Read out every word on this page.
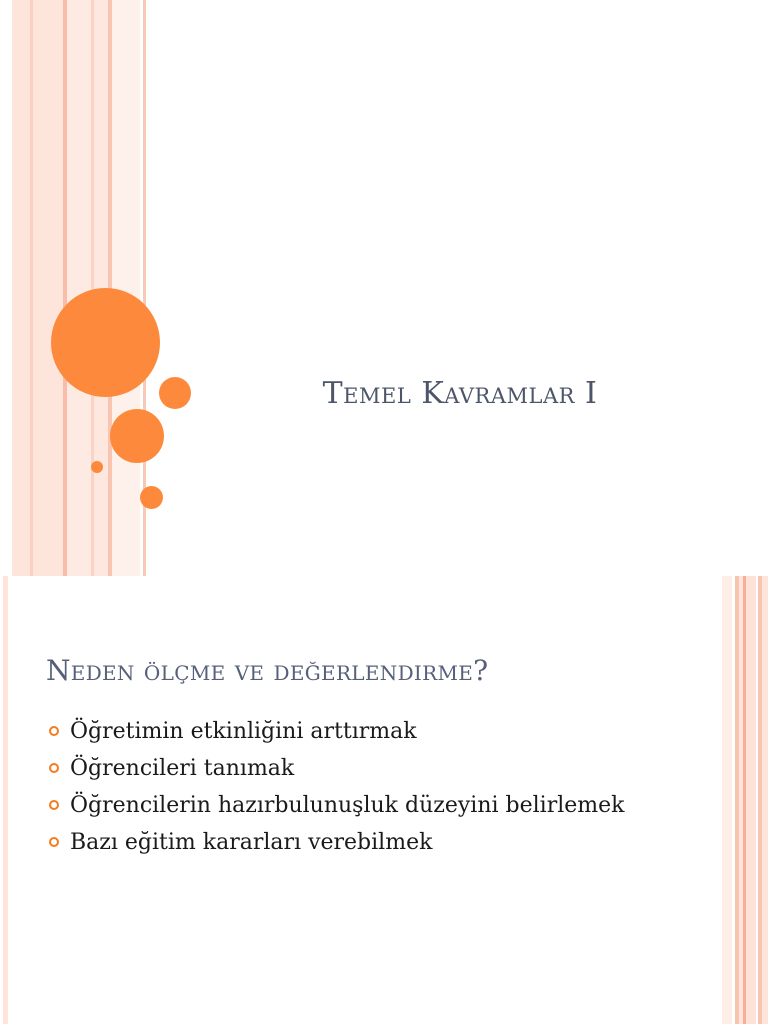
Temel Kavramlar I
Neden ölçme ve değerlendirme?
Öğretimin etkinliğini arttırmak
Öğrencileri tanımak
Öğrencilerin hazırbulunuşluk düzeyini belirlemek
Bazı eğitim kararları verebilmek
